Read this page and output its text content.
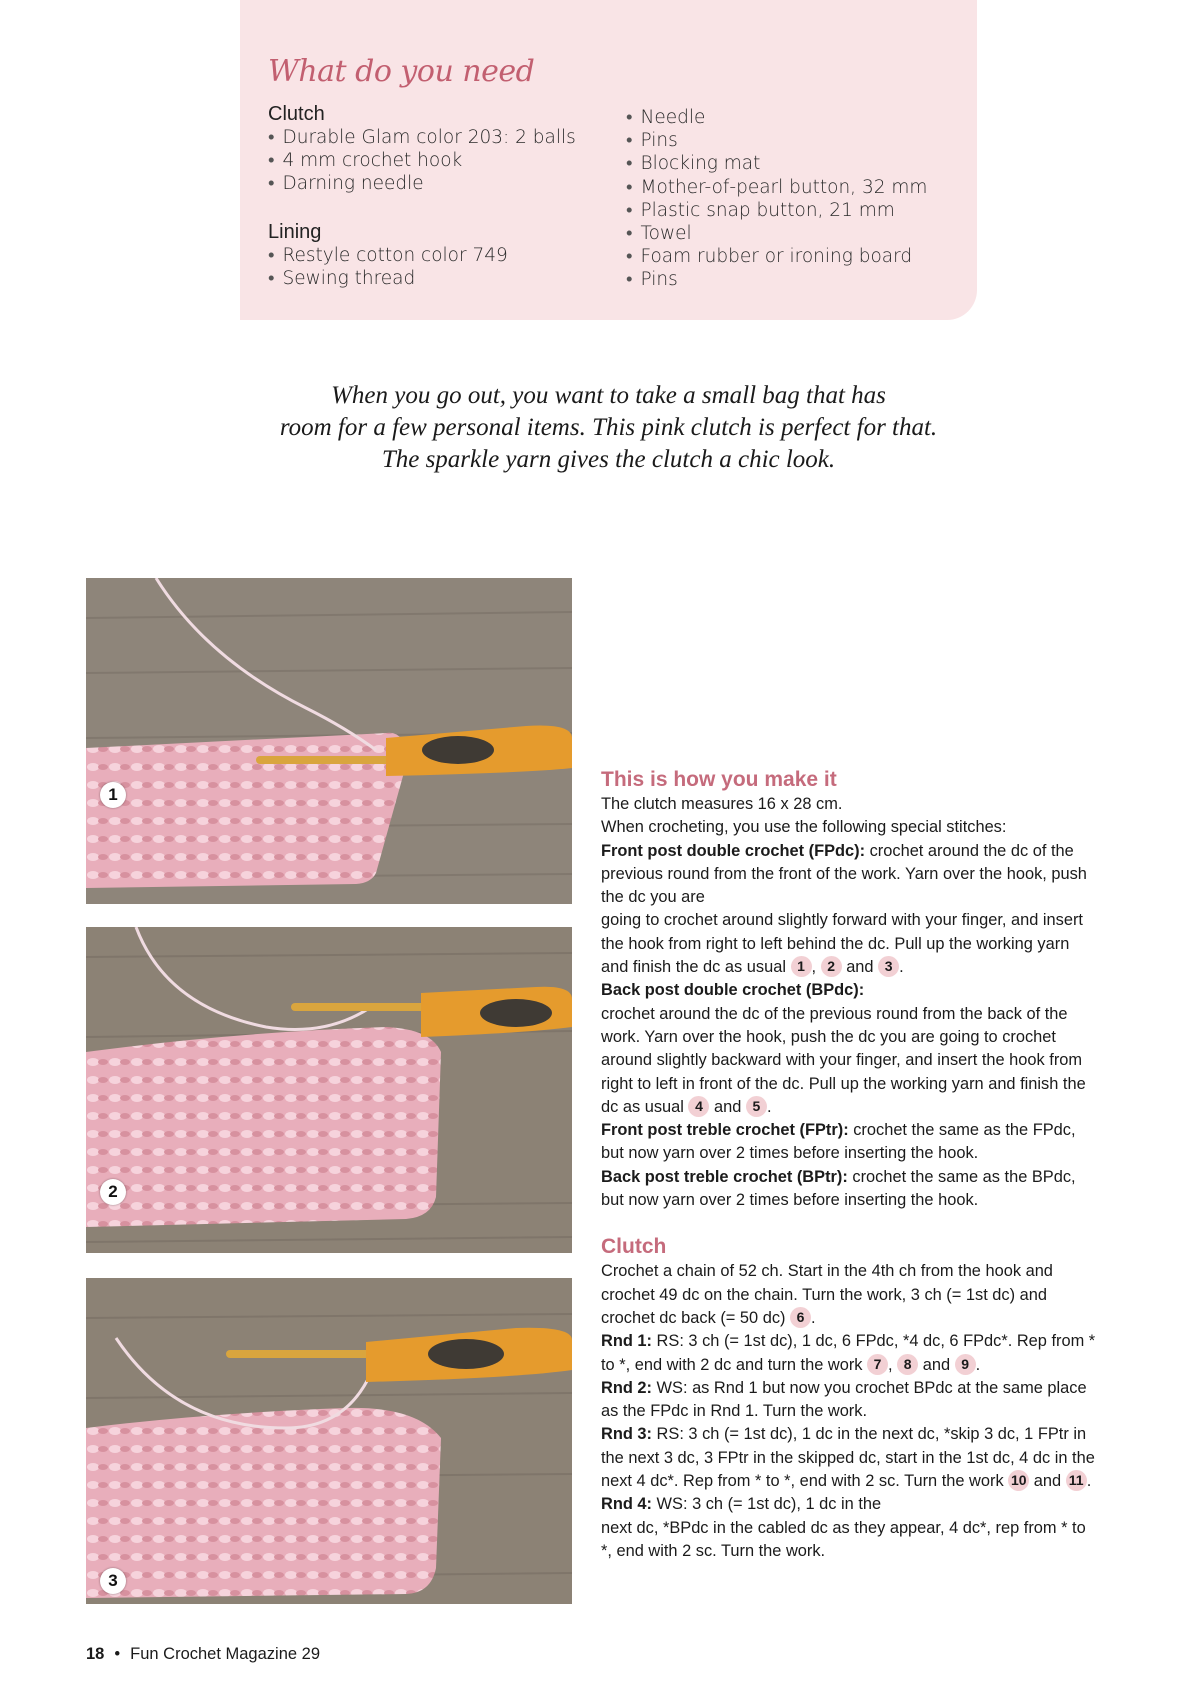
What do you need
Clutch
• Durable Glam color 203: 2 balls
• 4 mm crochet hook
• Darning needle
Lining
• Restyle cotton color 749
• Sewing thread
• Needle
• Pins
• Blocking mat
• Mother-of-pearl button, 32 mm
• Plastic snap button, 21 mm
• Towel
• Foam rubber or ironing board
• Pins
When you go out, you want to take a small bag that has
room for a few personal items. This pink clutch is perfect for that.
The sparkle yarn gives the clutch a chic look.
1
2
3
This is how you make it

The clutch measures 16 x 28 cm.

When crocheting, you use the following special stitches:

Front post double crochet (FPdc): crochet around the dc of the previous round from the front of the work. Yarn over the hook, push the dc you are

going to crochet around slightly forward with your finger, and insert the hook from right to left behind the dc. Pull up the working yarn and finish the dc as usual 1 , 2 and 3 .

Back post double crochet (BPdc):

crochet around the dc of the previous round from the back of the work. Yarn over the hook, push the dc you are going to crochet around slightly backward with your finger, and insert the hook from right to left in front of the dc. Pull up the working yarn and finish the dc as usual 4 and 5 .

Front post treble crochet (FPtr): crochet the same as the FPdc, but now yarn over 2 times before inserting the hook.

Back post treble crochet (BPtr): crochet the same as the BPdc, but now yarn over 2 times before inserting the hook.

Clutch

Crochet a chain of 52 ch. Start in the 4th ch from the hook and crochet 49 dc on the chain. Turn the work, 3 ch (= 1st dc) and crochet dc back (= 50 dc) 6 .

Rnd 1: RS: 3 ch (= 1st dc), 1 dc, 6 FPdc, *4 dc, 6 FPdc*. Rep from * to *, end with 2 dc and turn the work 7 , 8 and 9 .

Rnd 2: WS: as Rnd 1 but now you crochet BPdc at the same place as the FPdc in Rnd 1. Turn the work.

Rnd 3: RS: 3 ch (= 1st dc), 1 dc in the next dc, *skip 3 dc, 1 FPtr in the next 3 dc, 3 FPtr in the skipped dc, start in the 1st dc, 4 dc in the next 4 dc*. Rep from * to *, end with 2 sc. Turn the work 10 and 11 .

Rnd 4: WS: 3 ch (= 1st dc), 1 dc in the

next dc, *BPdc in the cabled dc as they appear, 4 dc*, rep from * to *, end with 2 sc. Turn the work.

18 • Fun Crochet Magazine 29
